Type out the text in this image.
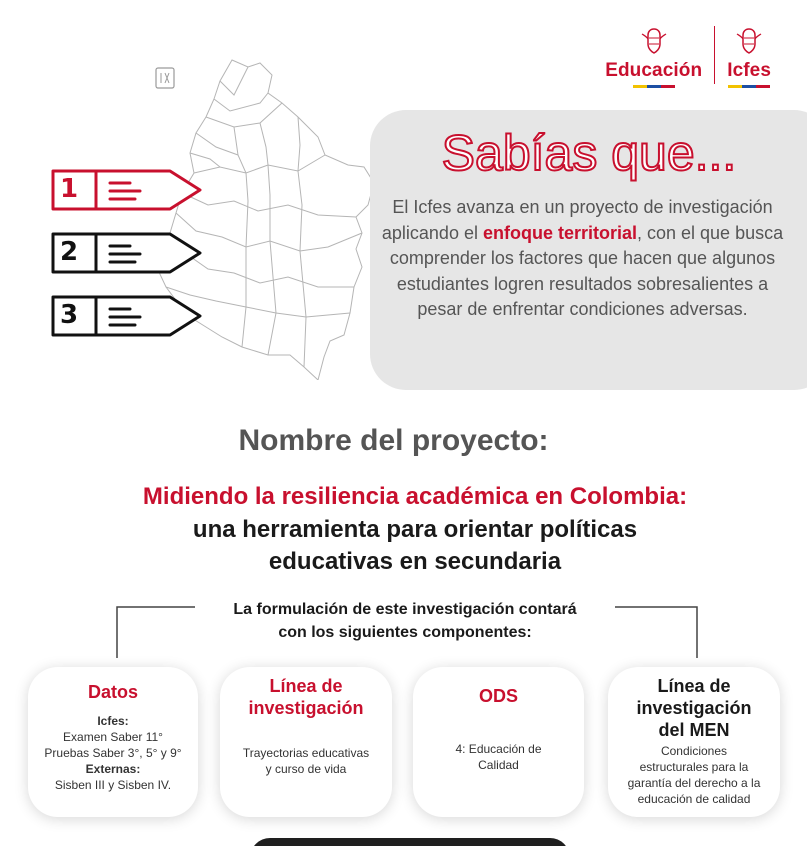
Educación Icfes
1
2
3
Sabías que...
El Icfes avanza en un proyecto de investigación aplicando el enfoque territorial, con el que busca comprender los factores que hacen que algunos estudiantes logren resultados sobresalientes a pesar de enfrentar condiciones adversas.
Nombre del proyecto:
Midiendo la resiliencia académica en Colombia:
una herramienta para orientar políticas
educativas en secundaria
La formulación de este investigación contará
con los siguientes componentes:
Datos
Icfes:
Examen Saber 11°
Pruebas Saber 3°, 5° y 9°
Externas:
Sisben III y Sisben IV.
Línea de
investigación
Trayectorias educativas
y curso de vida
ODS
4: Educación de
Calidad
Línea de
investigación
del MEN
Condiciones
estructurales para la
garantía del derecho a la
educación de calidad
